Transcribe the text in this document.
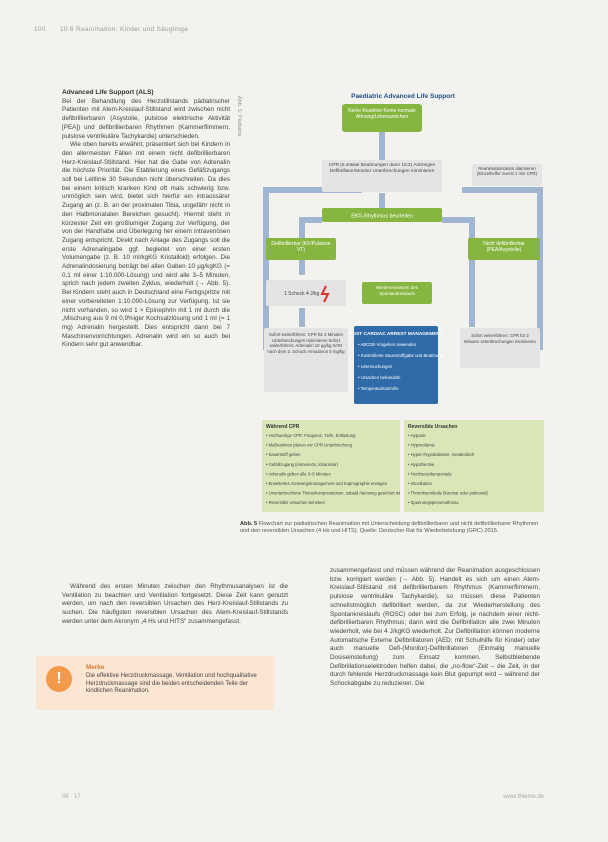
100 10.6 Reanimation: Kinder und Säuglinge
Advanced Life Support (ALS)

Bei der Behandlung des Herzstillstands pädiatrischer Patienten mit Atem-Kreislauf-Stillstand wird zwischen nicht defibrillierbaren (Asystolie, pulslose elektrische Aktivität [PEA]) und defibrillierbaren Rhythmen (Kammerflimmern, pulslose ventrikuläre Tachykardie) unterschieden.

Wie oben bereits erwähnt, präsentiert sich bei Kindern in den allermeisten Fällen mit einem nicht defibrillierbaren Herz-Kreislauf-Stillstand. Hier hat die Gabe von Adrenalin die höchste Priorität. Die Etablierung eines Gefäßzugangs soll bei Leitlinie 30 Sekunden nicht überschreiten. Da dies bei einem kritisch kranken Kind oft mals schwierig bzw. unmöglich sein wird, bietet sich hierfür ein intraossärer Zugang an (z. B. an der proximalen Tibia, ungefähr nicht in den Halbmonatalen Bereichen gesucht). Hiermit steht in kürzester Zeit ein großlumiger Zugang zur Verfügung, der von der Handhabe und Überlegung her einem intravenösen Zugang entspricht. Direkt nach Anlage des Zugangs soll die erste Adrenalingabe ggf. begleitet von einer ersten Volumengabe (z. B. 10 ml/kgKG Kristalloid) erfolgen. Die Adrenalindosierung beträgt bei allen Gaben 10 µg/kgKG (= 0,1 ml einer 1:10.000-Lösung) und wird alle 3–5 Minuten, sprich nach jedem zweiten Zyklus, wiederholt (→ Abb. 5). Bei Kindern steht auch in Deutschland eine Fertigspritze mit einer vorbereiteten 1:10.000-Lösung zur Verfügung. Ist sie nicht vorhanden, so wird 1 × Epinephrin mit 1 ml durch die „Mischung aus 9 ml 0,9%iger Kochsalzlösung und 1 ml (= 1 mg) Adrenalin hergestellt. Dies entspricht dann bei 7 Maschinenvorrichtungen. Adrenalin wird ein so auch bei Kindern sehr gut anwendbar.

Abb. 5: Pädiatrie	Paediatric Advanced Life Support
Keine Reaktion Keine normale Atmung/Lebenszeichen
CPR (5 initiale Beatmungen dann 15:2) Anbringen Defibrillator/Monitor Unterbrechungen minimieren
Reanimationsteam alarmieren (Einzelhelfer zuerst 1 min CPR)
EKG-Rhythmus beurteilen
Defibrillierbar (KF/Pulslose VT)
Nicht defibrillierbar (PEA/Asystolie)
1 Schock 4 J/kg
Wiedereinsetzen des Spontankreislaufs
Sofort weiterführen: CPR für 2 Minuten Unterbrechungen minimieren Sofort weiterführen: Adrenalin 10 µg/kg IV/IO nach dem 3. Schock Amiodaron 5 mg/kg
POST CARDIAC ARREST MANAGEMENT
• ABCDE-Vorgehen anwenden
• Kontrollierte Sauerstoffgabe und Beatmung
• Untersuchungen
• Ursachen behandeln
• Temperaturkontrolle
Sofort weiterführen: CPR für 2 Minuten Unterbrechungen minimieren
Während CPR
• Hochwertige CPR: Frequenz, Tiefe, Entlastung
• Maßnahmen planen vor CPR-Unterbrechung
• Sauerstoff geben
• Gefäßzugang (intravenös, intraossär)
• Adrenalin geben alle 3–5 Minuten
• Erweitertes Atemwegsmanagement und Kapnographie erwägen
• Ununterbrochene Thoraxkompressionen, sobald Atemweg gesichert ist
• Reversible Ursachen beheben
Reversible Ursachen
• Hypoxie
• Hypovolämie
• Hyper-/Hypokaliämie, metabolisch
• Hypothermie
• Herzbeuteltamponade
• Intoxikation
• Thromboembolie (koronar oder pulmonal)
• Spannungspneumothorax
Abb. 5 Flowchart zur pädiatrischen Reanimation mit Unterscheidung defibrillierbarer und nicht defibrillierbarer Rhythmen und den reversiblen Ursachen (4 Hs und HITS). Quelle: Deutscher Rat für Wiederbelebung (GRC) 2015.

Während des ersten Minuten zwischen den Rhythmusanalysen ist die Ventilation zu beachten und Ventilation fortgesetzt. Diese Zeit kann genutzt werden, um nach den reversiblen Ursachen des Herz-Kreislauf-Stillstands zu suchen. Die häufigsten reversiblen Ursachen des Atem-Kreislauf-Stillstands werden unter dem Akronym „4 Hs und HITS“ zusammengefasst.

zusammengefasst und müssen während der Reanimation ausgeschlossen bzw. korrigiert werden (→ Abb. 5). Handelt es sich um einen Atem-Kreislauf-Stillstand mit defibrillierbarem Rhythmus (Kammerflimmern, pulslose ventrikuläre Tachykardie), so müssen diese Patienten schnellstmöglich defibrilliert werden, da zur Wiederherstellung des Spontankreislaufs (ROSC) oder bei zum Erfolg, je nachdem einer nicht-defibrillierbaren Rhythmus; dann wird die Defibrillation alle zwei Minuten wiederholt, wie bei 4 J/kgKG wiederholt. Zur Defibrillation können moderne Automatische Externe Defibrillatoren (AED; mit Schulhilfe für Kinder) oder auch manuelle Defi-(Monitor)-Defibrillatoren (Einmalig manuelle Dosiseinstellung) zum Einsatz kommen. Selbstbleibende Defibrillationselektroden helfen dabei, die „no-flow“-Zeit – die Zeit, in der durch fehlende Herzdruckmassage kein Blut gepumpt wird – während der Schockabgabe zu reduzieren. Die

!
Merke
Die effektive Herzdruckmassage, Ventilation und hochqualitative Herzdruckmassage sind die beiden entscheidenden Teile der kindlichen Reanimation.
08 · 17	www.thieme.de
